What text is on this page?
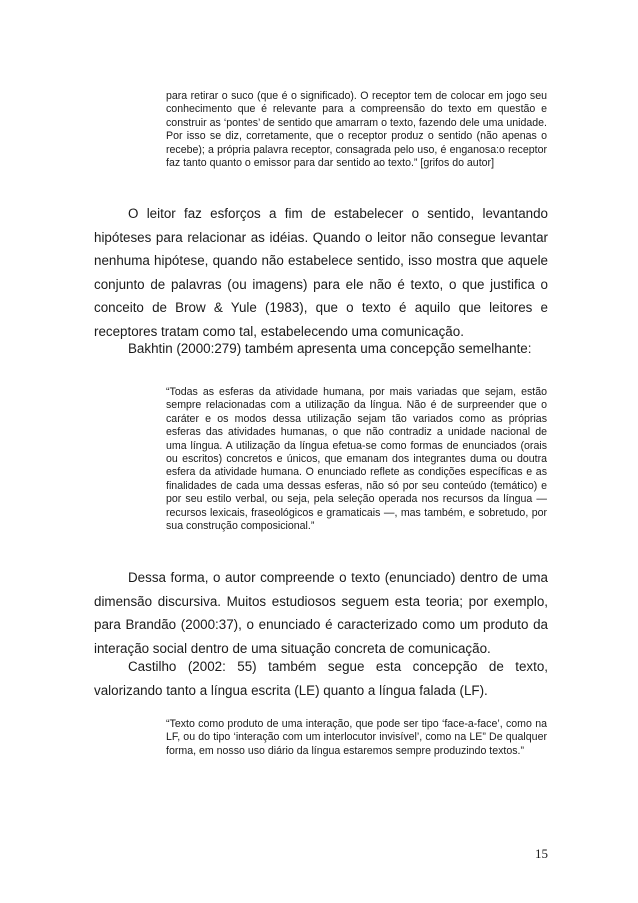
para retirar o suco (que é o significado). O receptor tem de colocar em jogo seu conhecimento que é relevante para a compreensão do texto em questão e construir as ‘pontes’ de sentido que amarram o texto, fazendo dele uma unidade. Por isso se diz, corretamente, que o receptor produz o sentido (não apenas o recebe); a própria palavra receptor, consagrada pelo uso, é enganosa:o receptor faz tanto quanto o emissor para dar sentido ao texto.” [grifos do autor]

O leitor faz esforços a fim de estabelecer o sentido, levantando hipóteses para relacionar as idéias. Quando o leitor não consegue levantar nenhuma hipótese, quando não estabelece sentido, isso mostra que aquele conjunto de palavras (ou imagens) para ele não é texto, o que justifica o conceito de Brow & Yule (1983), que o texto é aquilo que leitores e receptores tratam como tal, estabelecendo uma comunicação.

Bakhtin (2000:279) também apresenta uma concepção semelhante:

“Todas as esferas da atividade humana, por mais variadas que sejam, estão sempre relacionadas com a utilização da língua. Não é de surpreender que o caráter e os modos dessa utilização sejam tão variados como as próprias esferas das atividades humanas, o que não contradiz a unidade nacional de uma língua. A utilização da língua efetua-se como formas de enunciados (orais ou escritos) concretos e únicos, que emanam dos integrantes duma ou doutra esfera da atividade humana. O enunciado reflete as condições específicas e as finalidades de cada uma dessas esferas, não só por seu conteúdo (temático) e por seu estilo verbal, ou seja, pela seleção operada nos recursos da língua — recursos lexicais, fraseológicos e gramaticais —, mas também, e sobretudo, por sua construção composicional.”

Dessa forma, o autor compreende o texto (enunciado) dentro de uma dimensão discursiva. Muitos estudiosos seguem esta teoria; por exemplo, para Brandão (2000:37), o enunciado é caracterizado como um produto da interação social dentro de uma situação concreta de comunicação.

Castilho (2002: 55) também segue esta concepção de texto, valorizando tanto a língua escrita (LE) quanto a língua falada (LF).

“Texto como produto de uma interação, que pode ser tipo ‘face-a-face’, como na LF, ou do tipo ‘interação com um interlocutor invisível’, como na LE” De qualquer forma, em nosso uso diário da língua estaremos sempre produzindo textos.”

15
